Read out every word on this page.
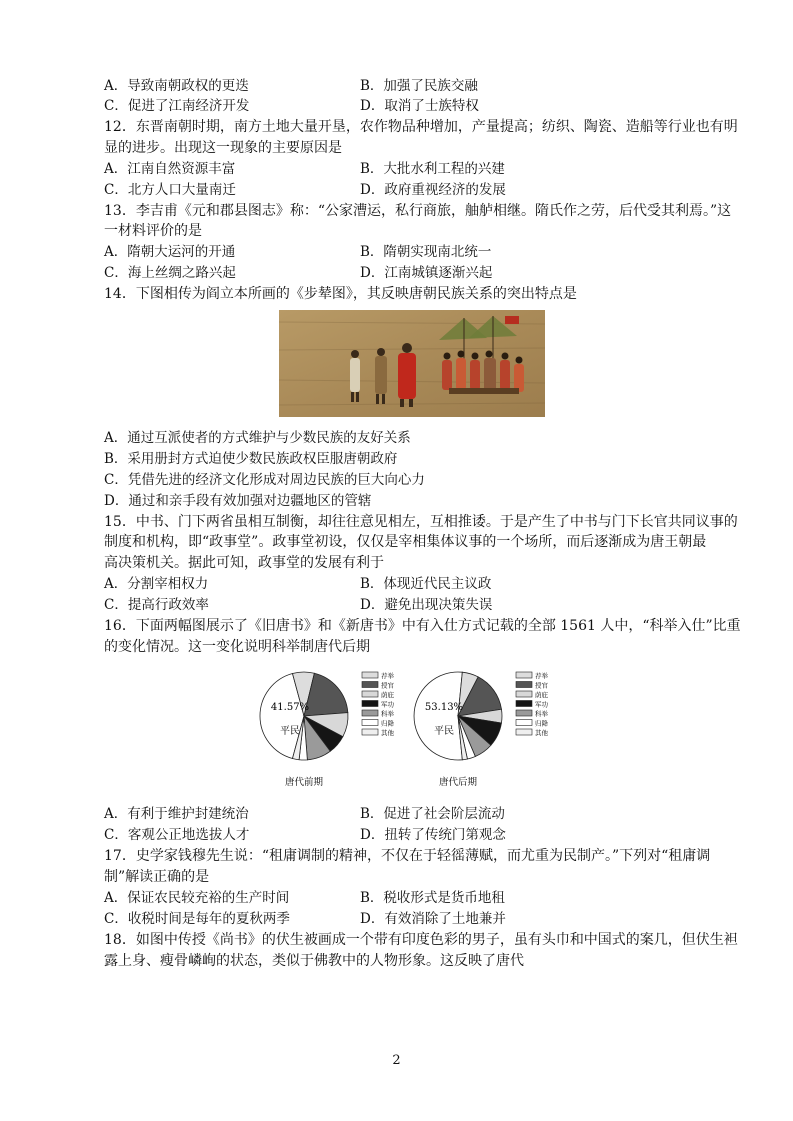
A．导致南朝政权的更迭	B．加强了民族交融
C．促进了江南经济开发	D．取消了士族特权
12．东晋南朝时期，南方土地大量开垦，农作物品种增加，产量提高；纺织、陶瓷、造船等行业也有明
显的进步。出现这一现象的主要原因是
A．江南自然资源丰富	B．大批水利工程的兴建
C．北方人口大量南迁	D．政府重视经济的发展
13．李吉甫《元和郡县图志》称：“公家漕运，私行商旅，舳舻相继。隋氏作之劳，后代受其利焉。”这
一材料评价的是
A．隋朝大运河的开通	B．隋朝实现南北统一
C．海上丝绸之路兴起	D．江南城镇逐渐兴起
14．下图相传为阎立本所画的《步辇图》，其反映唐朝民族关系的突出特点是
A．通过互派使者的方式维护与少数民族的友好关系
B．采用册封方式迫使少数民族政权臣服唐朝政府
C．凭借先进的经济文化形成对周边民族的巨大向心力
D．通过和亲手段有效加强对边疆地区的管辖
15．中书、门下两省虽相互制衡，却往往意见相左，互相推诿。于是产生了中书与门下长官共同议事的
制度和机构，即“政事堂”。政事堂初设，仅仅是宰相集体议事的一个场所，而后逐渐成为唐王朝最
高决策机关。据此可知，政事堂的发展有利于
A．分割宰相权力	B．体现近代民主议政
C．提高行政效率	D．避免出现决策失误
16．下面两幅图展示了《旧唐书》和《新唐书》中有入仕方式记载的全部 1561 人中，“科举入仕”比重
的变化情况。这一变化说明科举制唐代后期
41.57%
平民
唐代前期
荐举
授官
荫庇
军功
科举
归降
其他
53.13%
平民
唐代后期
荐举
授官
荫庇
军功
科举
归降
其他
A．有利于维护封建统治	B．促进了社会阶层流动
C．客观公正地选拔人才	D．扭转了传统门第观念
17．史学家钱穆先生说：“租庸调制的精神，不仅在于轻徭薄赋，而尤重为民制产。”下列对“租庸调
制”解读正确的是
A．保证农民较充裕的生产时间	B．税收形式是货币地租
C．收税时间是每年的夏秋两季	D．有效消除了土地兼并
18．如图中传授《尚书》的伏生被画成一个带有印度色彩的男子，虽有头巾和中国式的案几，但伏生袒
露上身、瘦骨嶙峋的状态，类似于佛教中的人物形象。这反映了唐代
2
